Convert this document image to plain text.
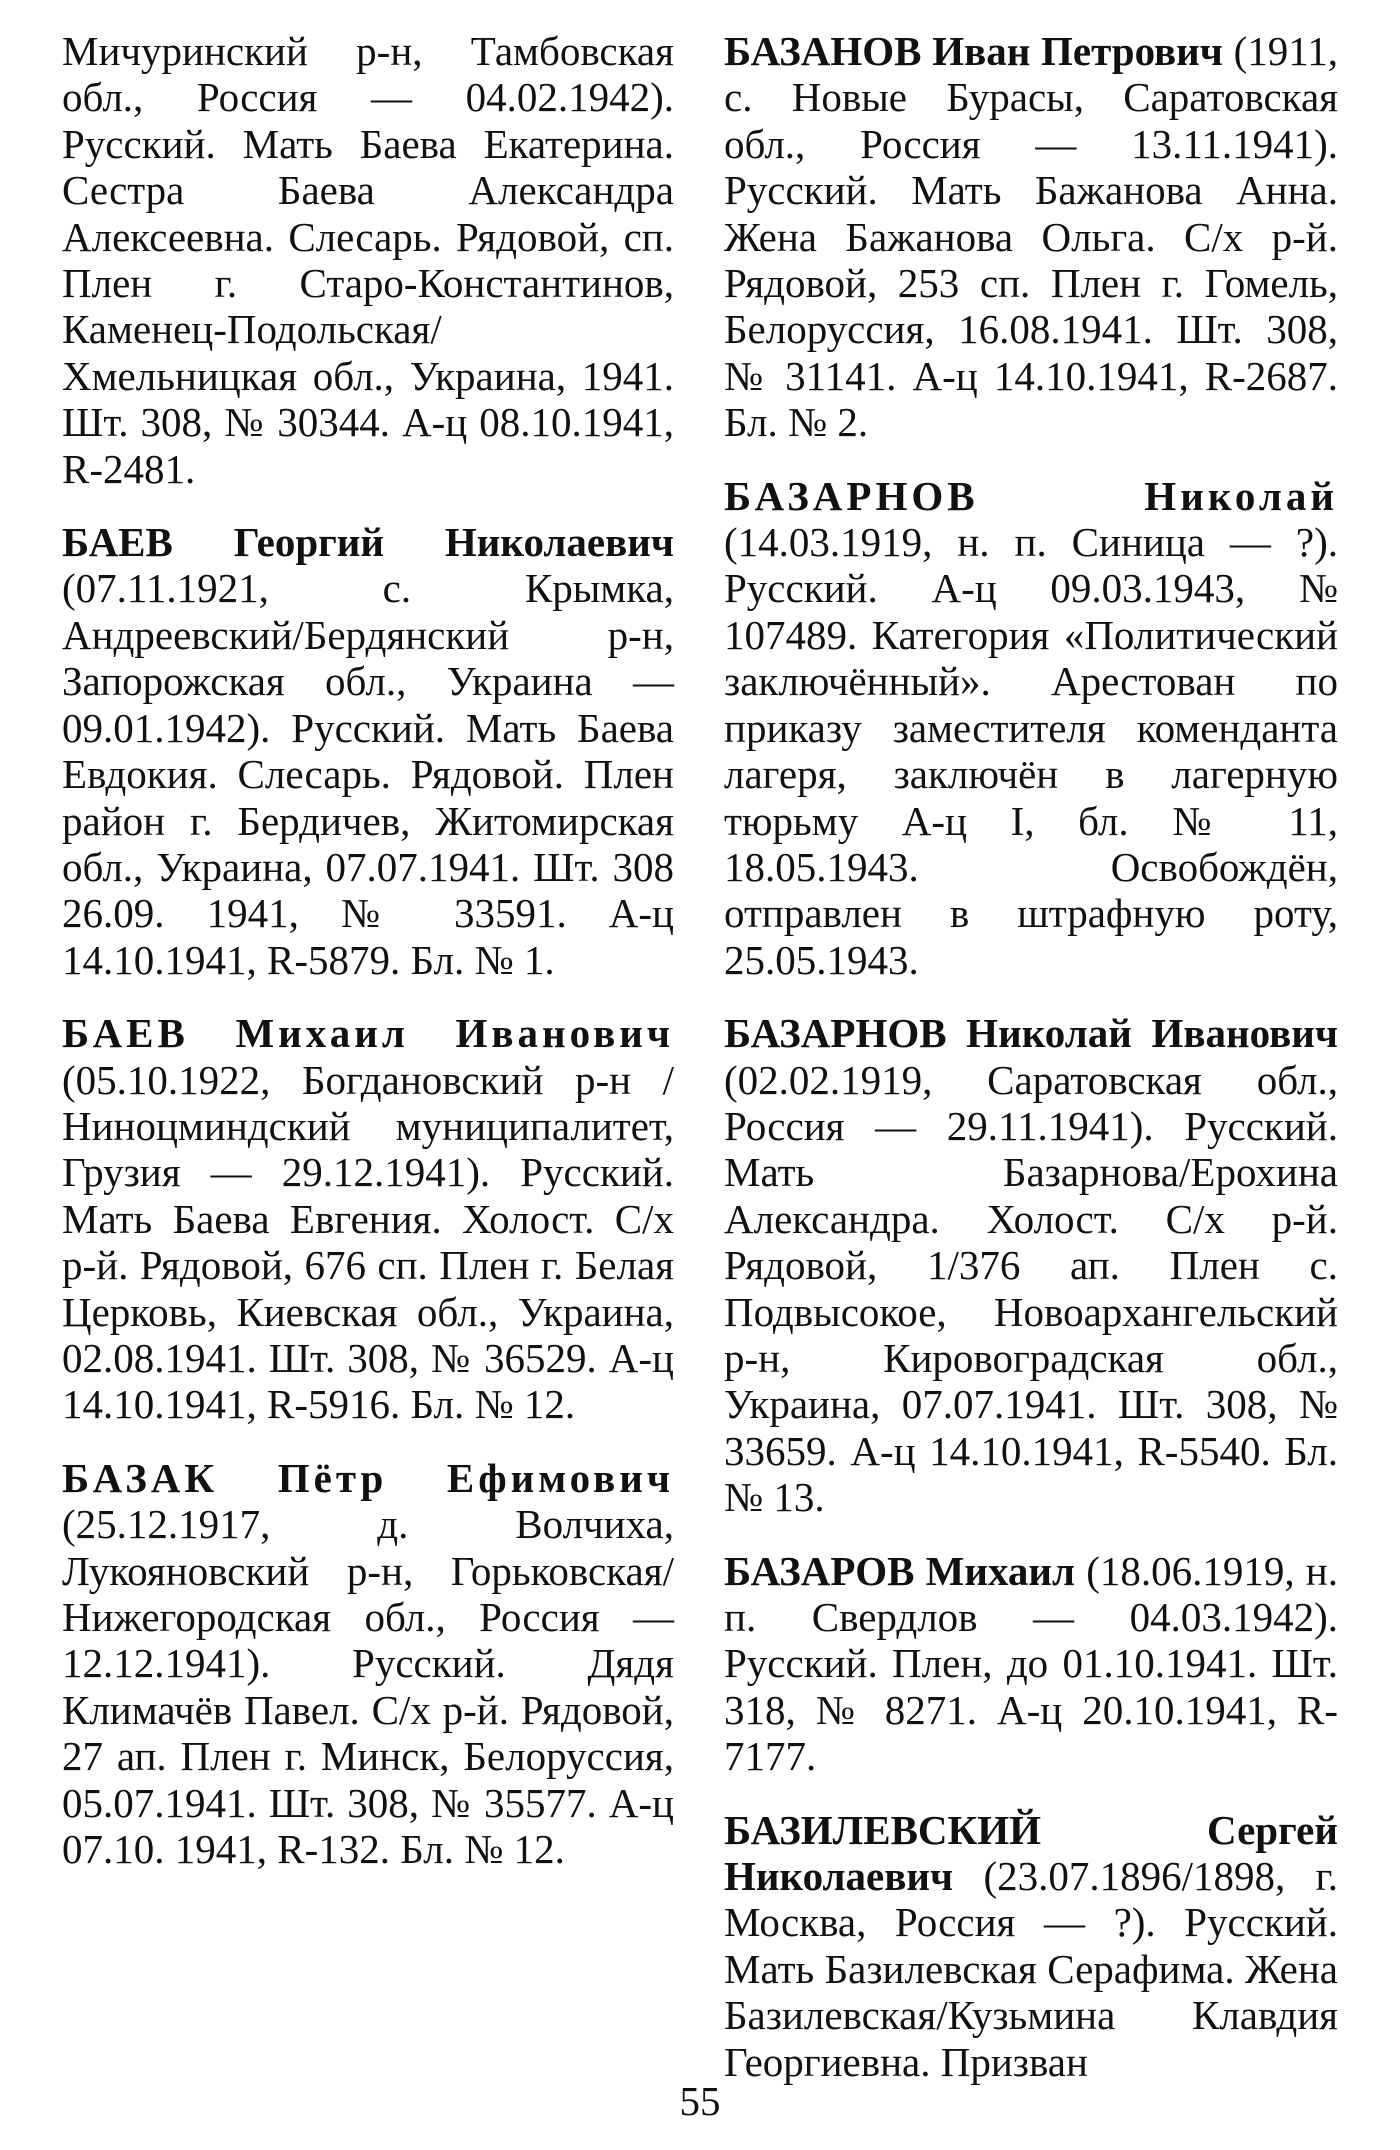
Мичуринский р-н, Тамбовская обл., Россия — 04.02.1942). Русский. Мать Баева Екатерина. Сестра Баева Александра Алексеевна. Слесарь. Рядовой, сп. Плен г. Старо-Константинов, Каменец-Подольская/Хмельницкая обл., Украина, 1941. Шт. 308, № 30344. А-ц 08.10.1941, R-2481.

БАЕВ Георгий Николаевич (07.11.1921, с. Крымка, Андреевский/Бердянский р-н, Запорожская обл., Украина — 09.01.1942). Русский. Мать Баева Евдокия. Слесарь. Рядовой. Плен район г. Бердичев, Житомирская обл., Украина, 07.07.1941. Шт. 308 26.09. 1941, № 33591. А-ц 14.10.1941, R-5879. Бл. № 1.

БАЕВ Михаил Иванович (05.10.1922, Богдановский р-н / Ниноцминдский муниципалитет, Грузия — 29.12.1941). Русский. Мать Баева Евгения. Холост. С/х р-й. Рядовой, 676 сп. Плен г. Белая Церковь, Киевская обл., Украина, 02.08.1941. Шт. 308, № 36529. А-ц 14.10.1941, R-5916. Бл. № 12.

БАЗАК Пётр Ефимович (25.12.1917, д. Волчиха, Лукояновский р-н, Горьковская/Нижегородская обл., Россия — 12.12.1941). Русский. Дядя Климачёв Павел. С/х р-й. Рядовой, 27 ап. Плен г. Минск, Белоруссия, 05.07.1941. Шт. 308, № 35577. А-ц 07.10. 1941, R-132. Бл. № 12.

БАЗАНОВ Иван Петрович (1911, с. Новые Бурасы, Саратовская обл., Россия — 13.11.1941). Русский. Мать Бажанова Анна. Жена Бажанова Ольга. С/х р-й. Рядовой, 253 сп. Плен г. Гомель, Белоруссия, 16.08.1941. Шт. 308, № 31141. А-ц 14.10.1941, R-2687. Бл. № 2.

БАЗАРНОВ Николай (14.03.1919, н. п. Синица — ?). Русский. А-ц 09.03.1943, № 107489. Категория «Политический заключённый». Арестован по приказу заместителя коменданта лагеря, заключён в лагерную тюрьму А-ц I, бл. № 11, 18.05.1943. Освобождён, отправлен в штрафную роту, 25.05.1943.

БАЗАРНОВ Николай Иванович (02.02.1919, Саратовская обл., Россия — 29.11.1941). Русский. Мать Базарнова/Ерохина Александра. Холост. С/х р-й. Рядовой, 1/376 ап. Плен с. Подвысокое, Новоархангельский р-н, Кировоградская обл., Украина, 07.07.1941. Шт. 308, № 33659. А-ц 14.10.1941, R-5540. Бл. № 13.

БАЗАРОВ Михаил (18.06.1919, н. п. Свердлов — 04.03.1942). Русский. Плен, до 01.10.1941. Шт. 318, № 8271. А-ц 20.10.1941, R-7177.

БАЗИЛЕВСКИЙ Сергей Николаевич (23.07.1896/1898, г. Москва, Россия — ?). Русский. Мать Базилевская Серафима. Жена Базилевская/Кузьмина Клавдия Георгиевна. Призван

55
